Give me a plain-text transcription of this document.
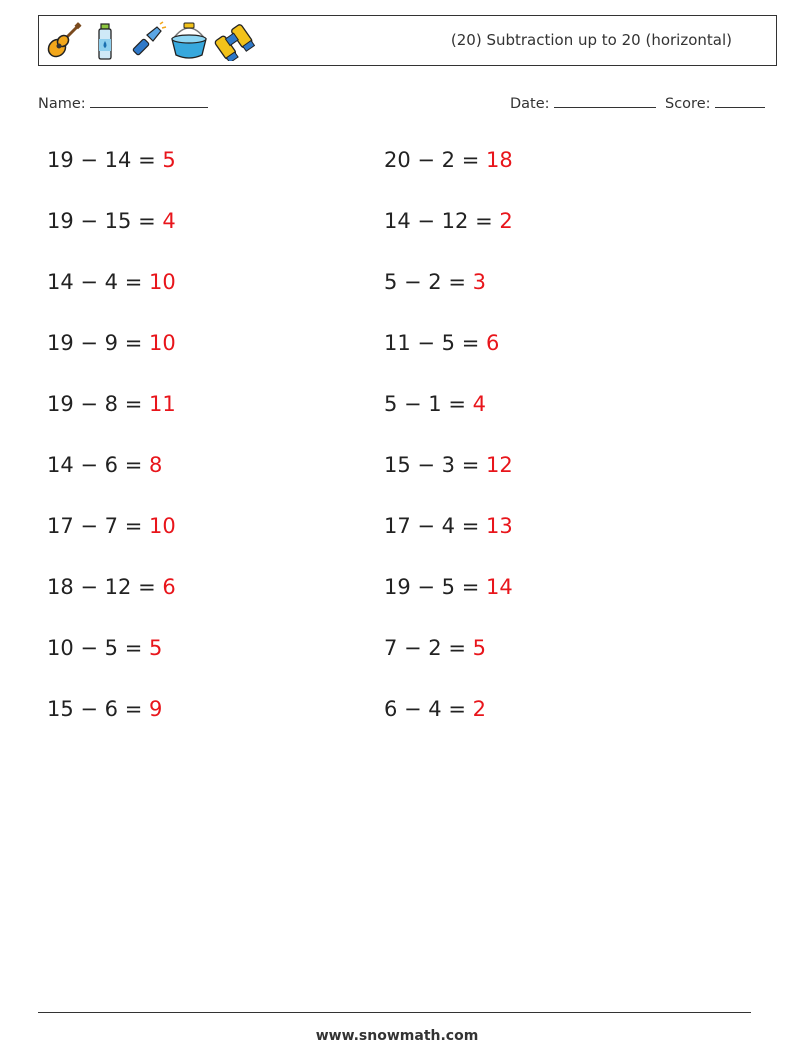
(20) Subtraction up to 20 (horizontal)
Name:	Date:	Score:
19 − 14 = 5	20 − 2 = 18
19 − 15 = 4	14 − 12 = 2
14 − 4 = 10	5 − 2 = 3
19 − 9 = 10	11 − 5 = 6
19 − 8 = 11	5 − 1 = 4
14 − 6 = 8	15 − 3 = 12
17 − 7 = 10	17 − 4 = 13
18 − 12 = 6	19 − 5 = 14
10 − 5 = 5	7 − 2 = 5
15 − 6 = 9	6 − 4 = 2
www.snowmath.com
